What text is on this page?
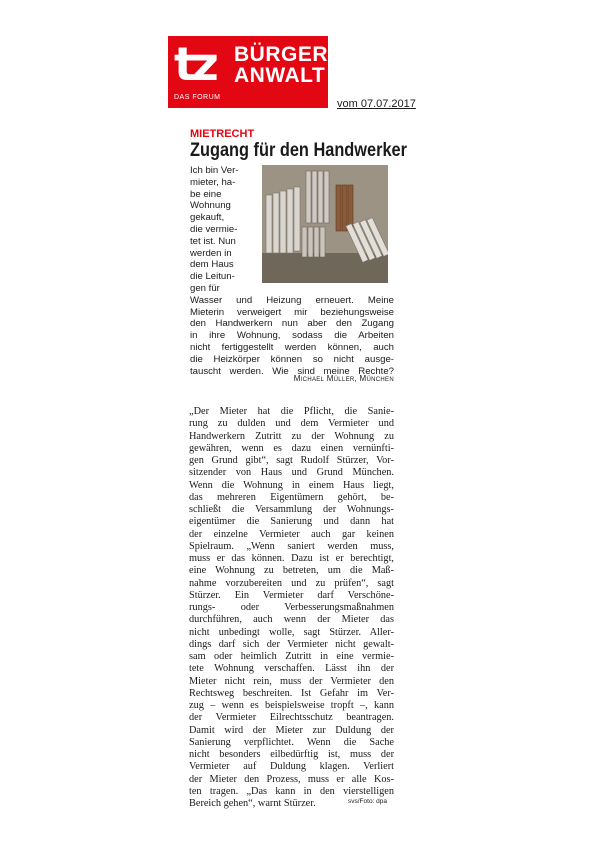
tz BÜRGER
ANWALT
DAS FORUM
vom 07.07.2017
MIETRECHT
Zugang für den Handwerker
Ich bin Ver-
mieter, ha-
be eine
Wohnung
gekauft,
die vermie-
tet ist. Nun
werden in
dem Haus
die Leitun-
gen für
Wasser und Heizung erneuert. Meine
Mieterin verweigert mir beziehungsweise
den Handwerkern nun aber den Zugang
in ihre Wohnung, sodass die Arbeiten
nicht fertiggestellt werden können, auch
die Heizkörper können so nicht ausge-
tauscht werden. Wie sind meine Rechte?
Michael Müller, München
„Der Mieter hat die Pflicht, die Sanie-
rung zu dulden und dem Vermieter und
Handwerkern Zutritt zu der Wohnung zu
gewähren, wenn es dazu einen vernünfti-
gen Grund gibt“, sagt Rudolf Stürzer, Vor-
sitzender von Haus und Grund München.
Wenn die Wohnung in einem Haus liegt,
das mehreren Eigentümern gehört, be-
schließt die Versammlung der Wohnungs-
eigentümer die Sanierung und dann hat
der einzelne Vermieter auch gar keinen
Spielraum. „Wenn saniert werden muss,
muss er das können. Dazu ist er berechtigt,
eine Wohnung zu betreten, um die Maß-
nahme vorzubereiten und zu prüfen“, sagt
Stürzer. Ein Vermieter darf Verschöne-
rungs- oder Verbesserungsmaßnahmen
durchführen, auch wenn der Mieter das
nicht unbedingt wolle, sagt Stürzer. Aller-
dings darf sich der Vermieter nicht gewalt-
sam oder heimlich Zutritt in eine vermie-
tete Wohnung verschaffen. Lässt ihn der
Mieter nicht rein, muss der Vermieter den
Rechtsweg beschreiten. Ist Gefahr im Ver-
zug – wenn es beispielsweise tropft –, kann
der Vermieter Eilrechtsschutz beantragen.
Damit wird der Mieter zur Duldung der
Sanierung verpflichtet. Wenn die Sache
nicht besonders eilbedürftig ist, muss der
Vermieter auf Duldung klagen. Verliert
der Mieter den Prozess, muss er alle Kos-
ten tragen. „Das kann in den vierstelligen
Bereich gehen“, warnt Stürzer.	svs/Foto: dpa
